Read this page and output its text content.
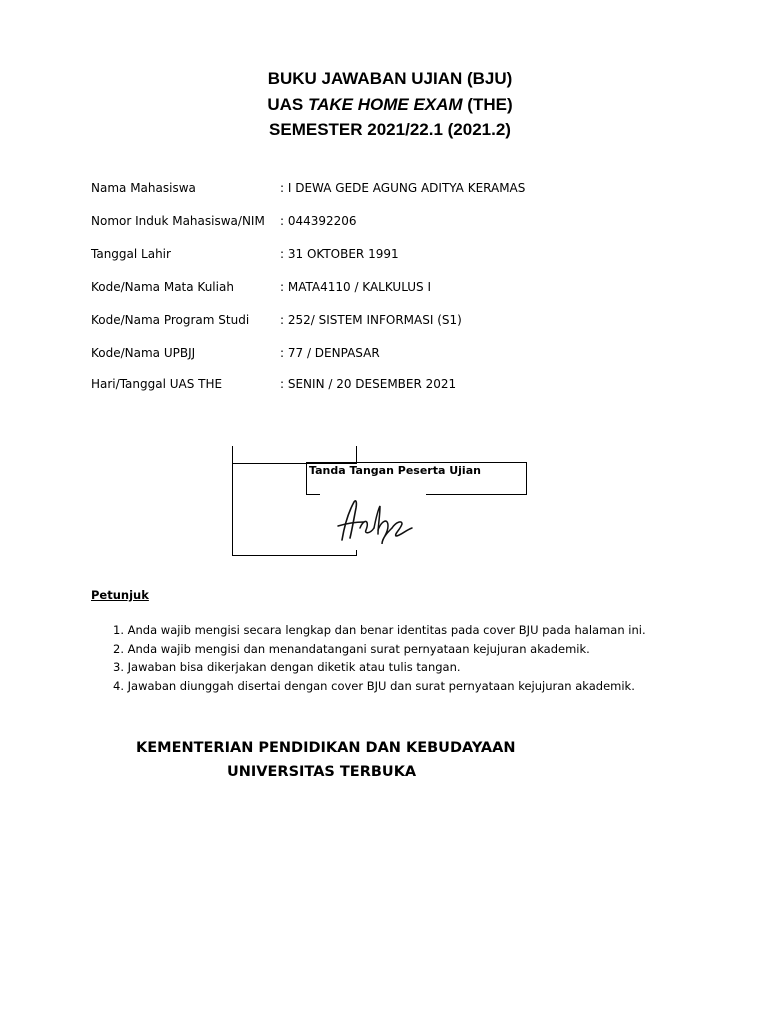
BUKU JAWABAN UJIAN (BJU)
UAS TAKE HOME EXAM (THE)
SEMESTER 2021/22.1 (2021.2)
Nama Mahasiswa	: I DEWA GEDE AGUNG ADITYA KERAMAS
Nomor Induk Mahasiswa/NIM : 044392206
Tanggal Lahir	: 31 OKTOBER 1991
Kode/Nama Mata Kuliah	: MATA4110 / KALKULUS I
Kode/Nama Program Studi	: 252/ SISTEM INFORMASI (S1)
Kode/Nama UPBJJ	: 77 / DENPASAR
Hari/Tanggal UAS THE	: SENIN / 20 DESEMBER 2021
Tanda Tangan Peserta Ujian
Petunjuk
1. Anda wajib mengisi secara lengkap dan benar identitas pada cover BJU pada halaman ini.
2. Anda wajib mengisi dan menandatangani surat pernyataan kejujuran akademik.
3. Jawaban bisa dikerjakan dengan diketik atau tulis tangan.
4. Jawaban diunggah disertai dengan cover BJU dan surat pernyataan kejujuran akademik.
KEMENTERIAN PENDIDIKAN DAN KEBUDAYAAN
UNIVERSITAS TERBUKA
